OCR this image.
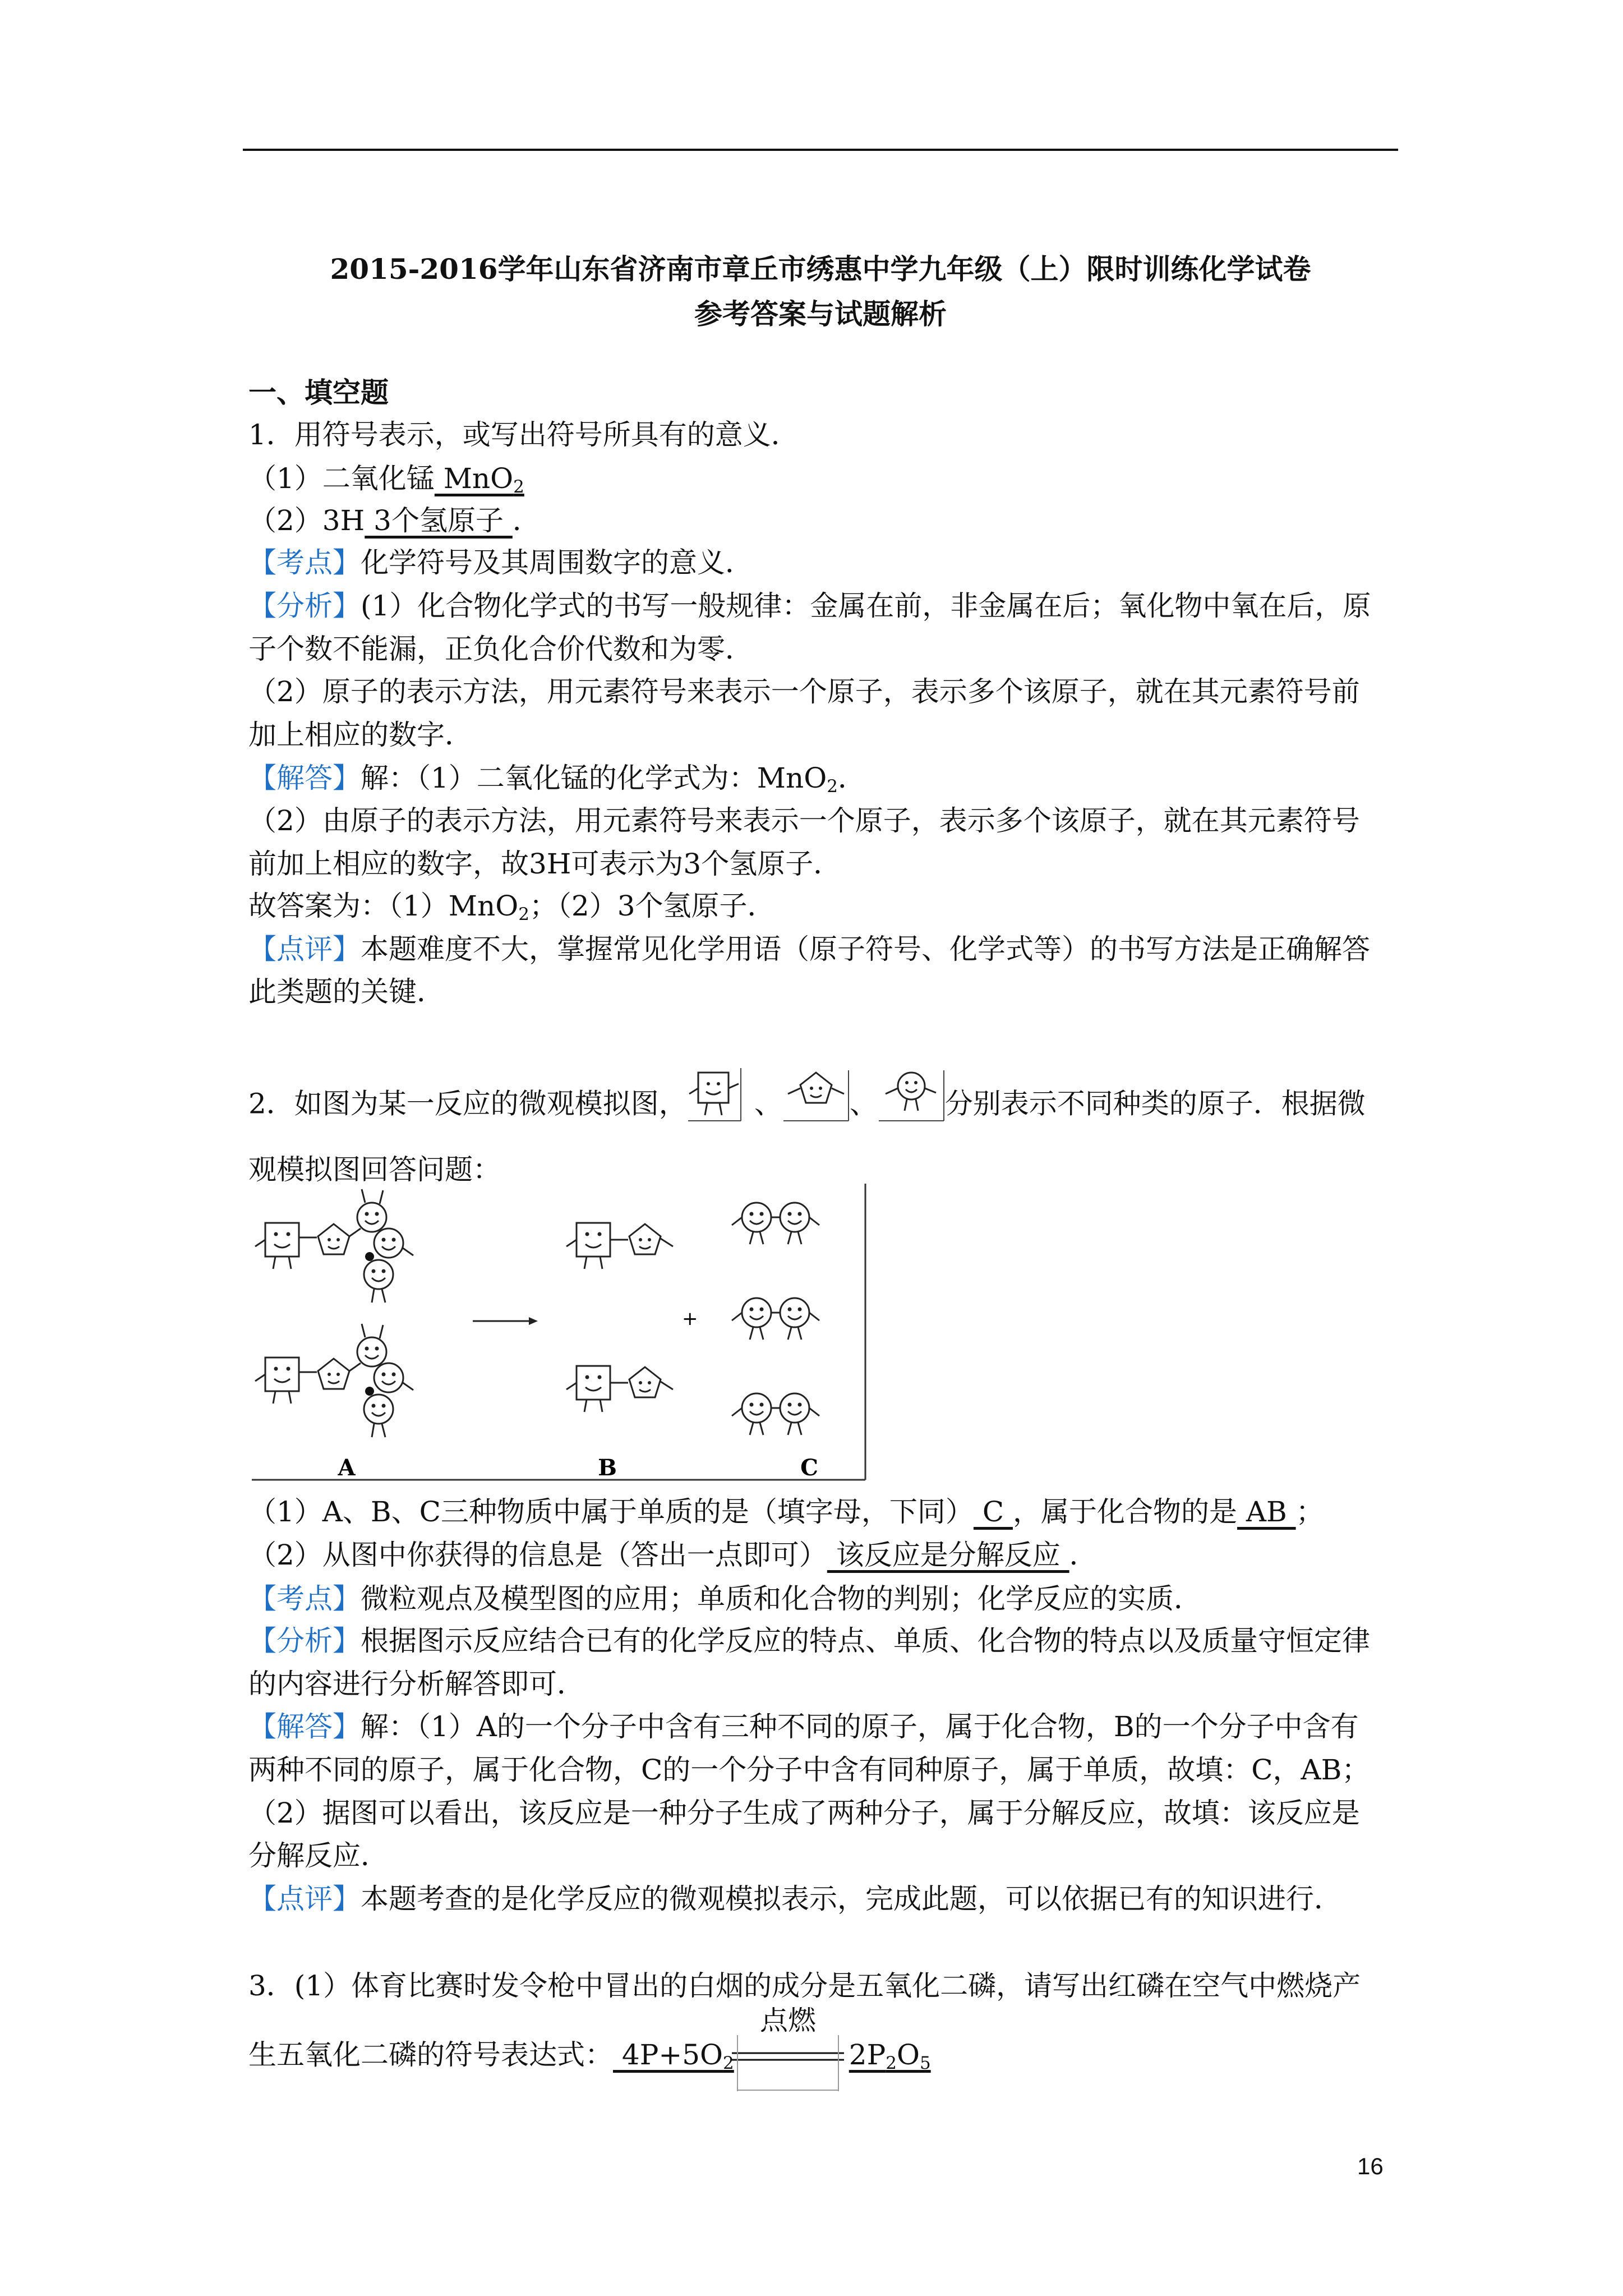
2015-2016学年山东省济南市章丘市绣惠中学九年级（上）限时训练化学试卷
参考答案与试题解析
一、填空题
1．用符号表示，或写出符号所具有的意义．
（1）二氧化锰 MnO$_2$
（2）3H 3个氢原子 ．
【考点】化学符号及其周围数字的意义．
【分析】(1）化合物化学式的书写一般规律：金属在前，非金属在后；氧化物中氧在后，原
子个数不能漏，正负化合价代数和为零．
（2）原子的表示方法，用元素符号来表示一个原子，表示多个该原子，就在其元素符号前
加上相应的数字．
【解答】解：（1）二氧化锰的化学式为：MnO$_2$．
（2）由原子的表示方法，用元素符号来表示一个原子，表示多个该原子，就在其元素符号
前加上相应的数字，故3H可表示为3个氢原子．
故答案为：（1）MnO$_2$；（2）3个氢原子．
【点评】本题难度不大，掌握常见化学用语（原子符号、化学式等）的书写方法是正确解答
此类题的关键．
2．如图为某一反应的微观模拟图， 、 、 分别表示不同种类的原子．根据微
观模拟图回答问题：
+
A	B	C
（1）A、B、C三种物质中属于单质的是（填字母，下同） C ，属于化合物的是 AB ；
（2）从图中你获得的信息是（答出一点即可） 该反应是分解反应 ．
【考点】微粒观点及模型图的应用；单质和化合物的判别；化学反应的实质．
【分析】根据图示反应结合已有的化学反应的特点、单质、化合物的特点以及质量守恒定律
的内容进行分析解答即可．
【解答】解：（1）A的一个分子中含有三种不同的原子，属于化合物，B的一个分子中含有
两种不同的原子，属于化合物，C的一个分子中含有同种原子，属于单质，故填：C，AB；
（2）据图可以看出，该反应是一种分子生成了两种分子，属于分解反应，故填：该反应是
分解反应．
【点评】本题考查的是化学反应的微观模拟表示，完成此题，可以依据已有的知识进行．
3．(1）体育比赛时发令枪中冒出的白烟的成分是五氧化二磷，请写出红磷在空气中燃烧产
生五氧化二磷的符号表达式： $4P+5O_2$	$2P_2O_5$
点燃
16
